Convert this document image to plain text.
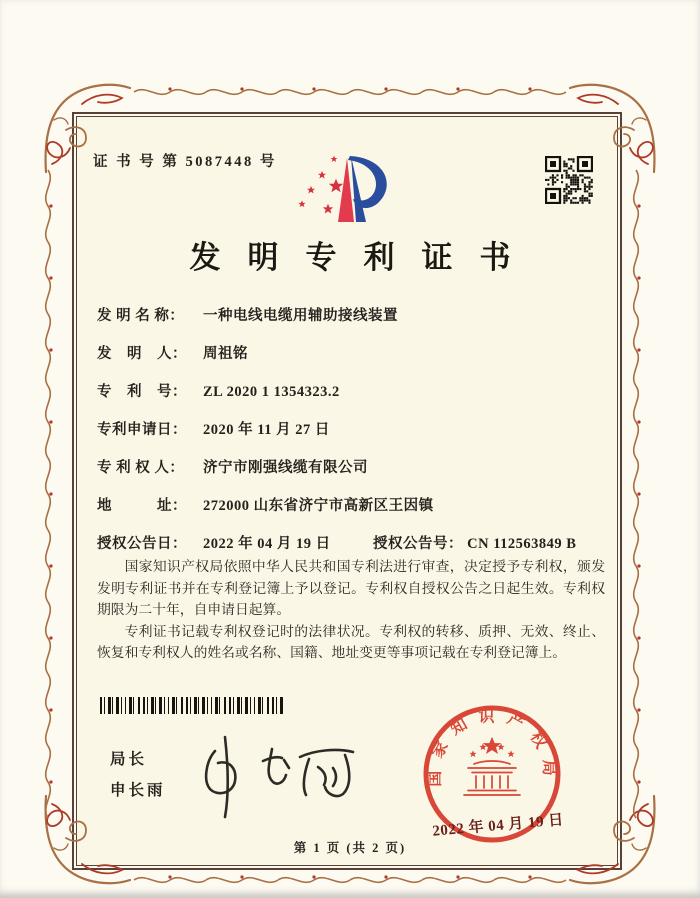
证 书 号 第 5087448 号
发明专利证书
发 明 名 称：	一种电线电缆用辅助接线装置
发　明　人：	周祖铭
专　利　号：	ZL 2020 1 1354323.2
专利申请日：	2020 年 11 月 27 日
专 利 权 人：	济宁市刚强线缆有限公司
地　　　址：	272000 山东省济宁市高新区王因镇
授权公告日：	2022 年 04 月 19 日	授权公告号： CN 112563849 B

国家知识产权局依照中华人民共和国专利法进行审查，决定授予专利权，颁发发明专利证书并在专利登记簿上予以登记。专利权自授权公告之日起生效。专利权期限为二十年，自申请日起算。

专利证书记载专利权登记时的法律状况。专利权的转移、质押、无效、终止、恢复和专利权人的姓名或名称、国籍、地址变更等事项记载在专利登记簿上。

局长
申长雨
国家知识产权局
2022 年 04 月 19 日
第 1 页 (共 2 页)
